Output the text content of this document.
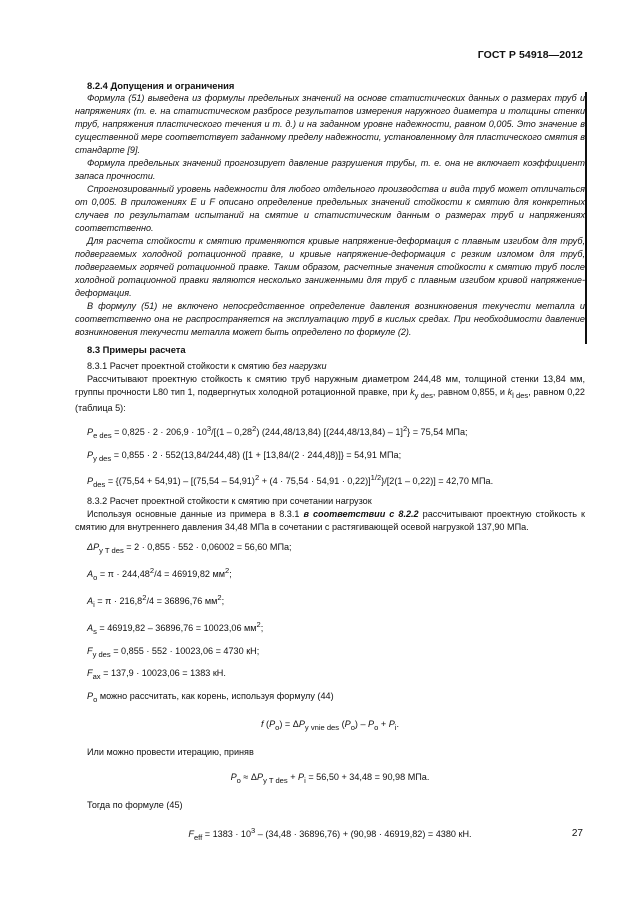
ГОСТ Р 54918—2012

8.2.4 Допущения и ограничения

Формула (51) выведена из формулы предельных значений на основе статистических данных о размерах труб и напряжениях (т. е. на статистическом разбросе результатов измерения наружного диаметра и толщины стенки труб, напряжения пластического течения и т. д.) и на заданном уровне надежности, равном 0,005. Это значение в существенной мере соответствует заданному пределу надежности, установленному для пластического смятия в стандарте [9].

Формула предельных значений прогнозирует давление разрушения трубы, т. е. она не включает коэффициент запаса прочности.

Спрогнозированный уровень надежности для любого отдельного производства и вида труб может отличаться от 0,005. В приложениях E и F описано определение предельных значений стойкости к смятию для конкретных случаев по результатам испытаний на смятие и статистическим данным о размерах труб и напряжениях соответственно.

Для расчета стойкости к смятию применяются кривые напряжение-деформация с плавным изгибом для труб, подвергаемых холодной ротационной правке, и кривые напряжение-деформация с резким изломом для труб, подвергаемых горячей ротационной правке. Таким образом, расчетные значения стойкости к смятию труб после холодной ротационной правки являются несколько заниженными для труб с плавным изгибом кривой напряжение-деформация.

В формулу (51) не включено непосредственное определение давления возникновения текучести металла и соответственно она не распространяется на эксплуатацию труб в кислых средах. При необходимости давление возникновения текучести металла может быть определено по формуле (2).

8.3 Примеры расчета

8.3.1 Расчет проектной стойкости к смятию без нагрузки

Рассчитывают проектную стойкость к смятию труб наружным диаметром 244,48 мм, толщиной стенки 13,84 мм, группы прочности L80 тип 1, подвергнутых холодной ротационной правке, при $k_{y des}$, равном 0,855, и $k_{l des}$, равном 0,22 (таблица 5):

$P_{e des} = 0,825 \cdot 2 \cdot 206,9 \cdot 10^3/[(1 - 0,28^2)$ (244,48/13,84) [(244,48/13,84) – 1]$^2$} = 75,54 МПа;

$P_{y des} = 0,855 \cdot 2 \cdot 552(13,84/244,48) ([1 + [13,84/(2 \cdot 244,48)]\} = 54,91$ МПа;

$P_{des} = \{(75,54 + 54,91) - [(75,54 - 54,91)^2 + (4 \cdot 75,54 \cdot 54,91 \cdot 0,22)]^{1/2}\}/[2(1 - 0,22)] = 42,70$ МПа.

8.3.2 Расчет проектной стойкости к смятию при сочетании нагрузок

Используя основные данные из примера в 8.3.1 в соответствии с 8.2.2 рассчитывают проектную стойкость к смятию для внутреннего давления 34,48 МПа в сочетании с растягивающей осевой нагрузкой 137,90 МПа.

$\Delta P_{y T des} = 2 \cdot 0,855 \cdot 552 \cdot 0,06002 = 56,60$ МПа;

$A_o = \pi \cdot 244,48^2/4 = 46919,82$ $мм^2$;

$A_i = \pi \cdot 216,8^2/4 = 36896,76$ $мм^2$;

$A_s = 46919,82 - 36896,76 = 10023,06$ $мм^2$;

$F_{y des} = 0,855 \cdot 552 \cdot 10023,06 = 4730$ кН;

$F_{ax} = 137,9 \cdot 10023,06 = 1383$ кН.

$P_o$ можно рассчитать, как корень, используя формулу (44)

f $(P_o) = \Delta P_{y vnie des}$ $(P_o) - P_o + P_i$.

Или можно провести итерацию, приняв

$P_o \approx \Delta P_{y T des} + P_i = 56,50 + 34,48 = 90,98$ МПа.

Тогда по формуле (45)

$F_{eff} = 1383 \cdot 10^3 - (34,48 \cdot 36896,76) + (90,98 \cdot 46919,82) = 4380$ кН.	27
